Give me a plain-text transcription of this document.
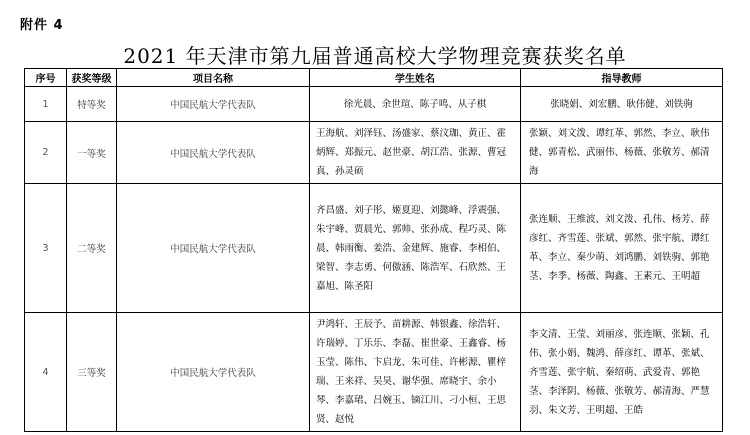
附件 4
2021 年天津市第九届普通高校大学物理竞赛获奖名单
序号	获奖等级	项目名称	学生姓名	指导教师
1	特等奖	中国民航大学代表队	徐光晨、余世瑄、陈子鸣、从子棋	张晓娟、刘宏鹏、耿伟健、刘铁驹

2	一等奖	中国民航大学代表队	王海航、刘泽钰、汤盛家、蔡汶珈、黄正、霍炳辉、郑振元、赵世豪、胡江浩、张源、曹冠真、孙灵硕	张颖、刘文泼、谭红革、郭然、李立、耿伟健、郭青松、武丽伟、杨薇、张敬芳、郝清海

3	二等奖	中国民航大学代表队	齐昌盛、刘子彤、姬夏迎、刘懿峰、浮震强、朱宇峰、贾晨光、郭帅、张孙成、程巧灵、陈晨、韩雨衡、姜浩、金建辉、施睿、李相伯、梁智、李志勇、何傲涵、陈浩军、石欣然、王嘉旭、陈圣阳	张连顺、王维波、刘文泼、孔伟、杨芳、薛彦红、齐雪莲、张斌、郭然、张宇航、谭红革、李立、秦少萌、刘鸿鹏、刘铁驹、郭艳茎、李季、杨薇、陶鑫、王素元、王明超

4	三等奖	中国民航大学代表队	尹鸿轩、王辰予、苗耕源、韩银鑫、徐浩轩、许瑞婷、丁乐乐、李磊、崔世豪、王鑫睿、杨玉莹、陈伟、卞启龙、朱可佳、许彬源、瞿梓瑞、王来祥、吴昊、谢华强、席晓宇、余小琴、李嘉珺、吕婉玉、镝江川、刁小桓、王思贤、赵悦	李文清、王莹、刘丽彦、张连顺、张颖、孔伟、张小娟、魏鸿、薛彦红、谭革、张斌、齐雪莲、张宇航、秦绍萌、武爱青、郭艳茎、李泽阴、杨薇、张敬芳、郝清海、严慧羽、朱文芳、王明超、王皓
